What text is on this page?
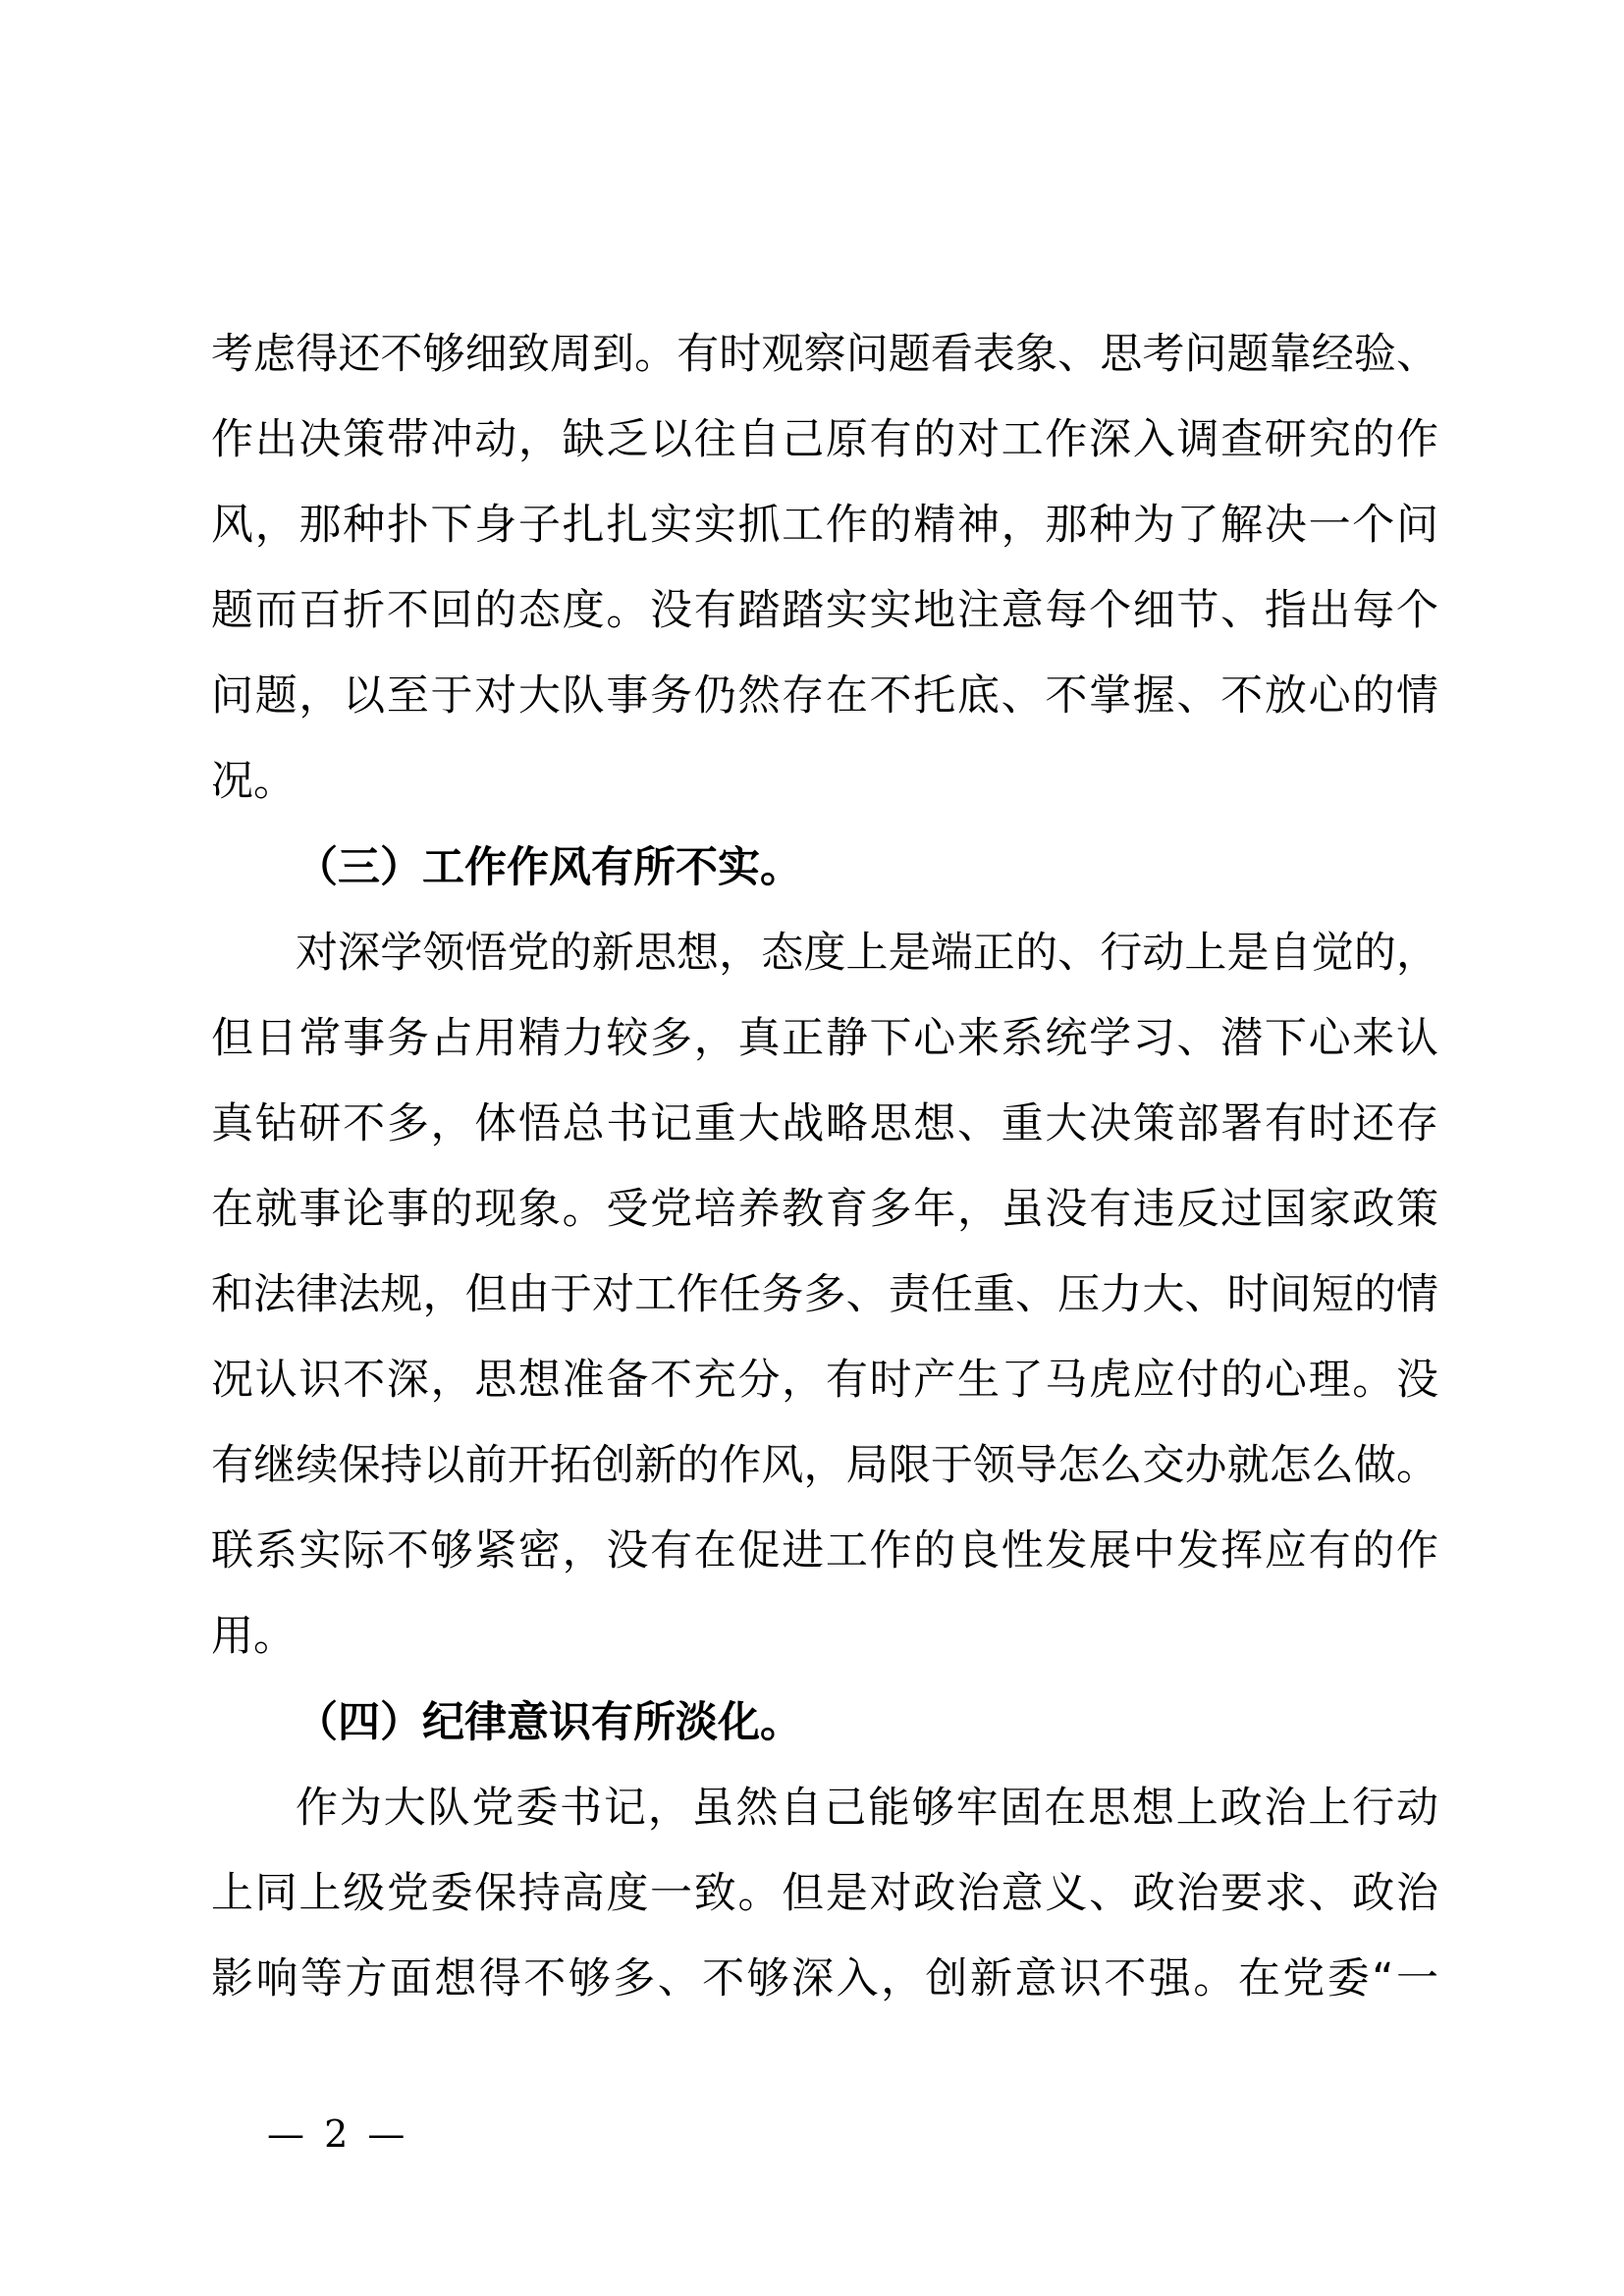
考虑得还不够细致周到。有时观察问题看表象、思考问题靠经验、
作出决策带冲动，缺乏以往自己原有的对工作深入调查研究的作
风，那种扑下身子扎扎实实抓工作的精神，那种为了解决一个问
题而百折不回的态度。没有踏踏实实地注意每个细节、指出每个
问题，以至于对大队事务仍然存在不托底、不掌握、不放心的情
况。
（三）工作作风有所不实。
对深学领悟党的新思想，态度上是端正的、行动上是自觉的，
但日常事务占用精力较多，真正静下心来系统学习、潜下心来认
真钻研不多，体悟总书记重大战略思想、重大决策部署有时还存
在就事论事的现象。受党培养教育多年，虽没有违反过国家政策
和法律法规，但由于对工作任务多、责任重、压力大、时间短的情
况认识不深，思想准备不充分，有时产生了马虎应付的心理。没
有继续保持以前开拓创新的作风，局限于领导怎么交办就怎么做。
联系实际不够紧密，没有在促进工作的良性发展中发挥应有的作
用。
（四）纪律意识有所淡化。
作为大队党委书记，虽然自己能够牢固在思想上政治上行动
上同上级党委保持高度一致。但是对政治意义、政治要求、政治
影响等方面想得不够多、不够深入，创新意识不强。在党委“一
— 2 —
